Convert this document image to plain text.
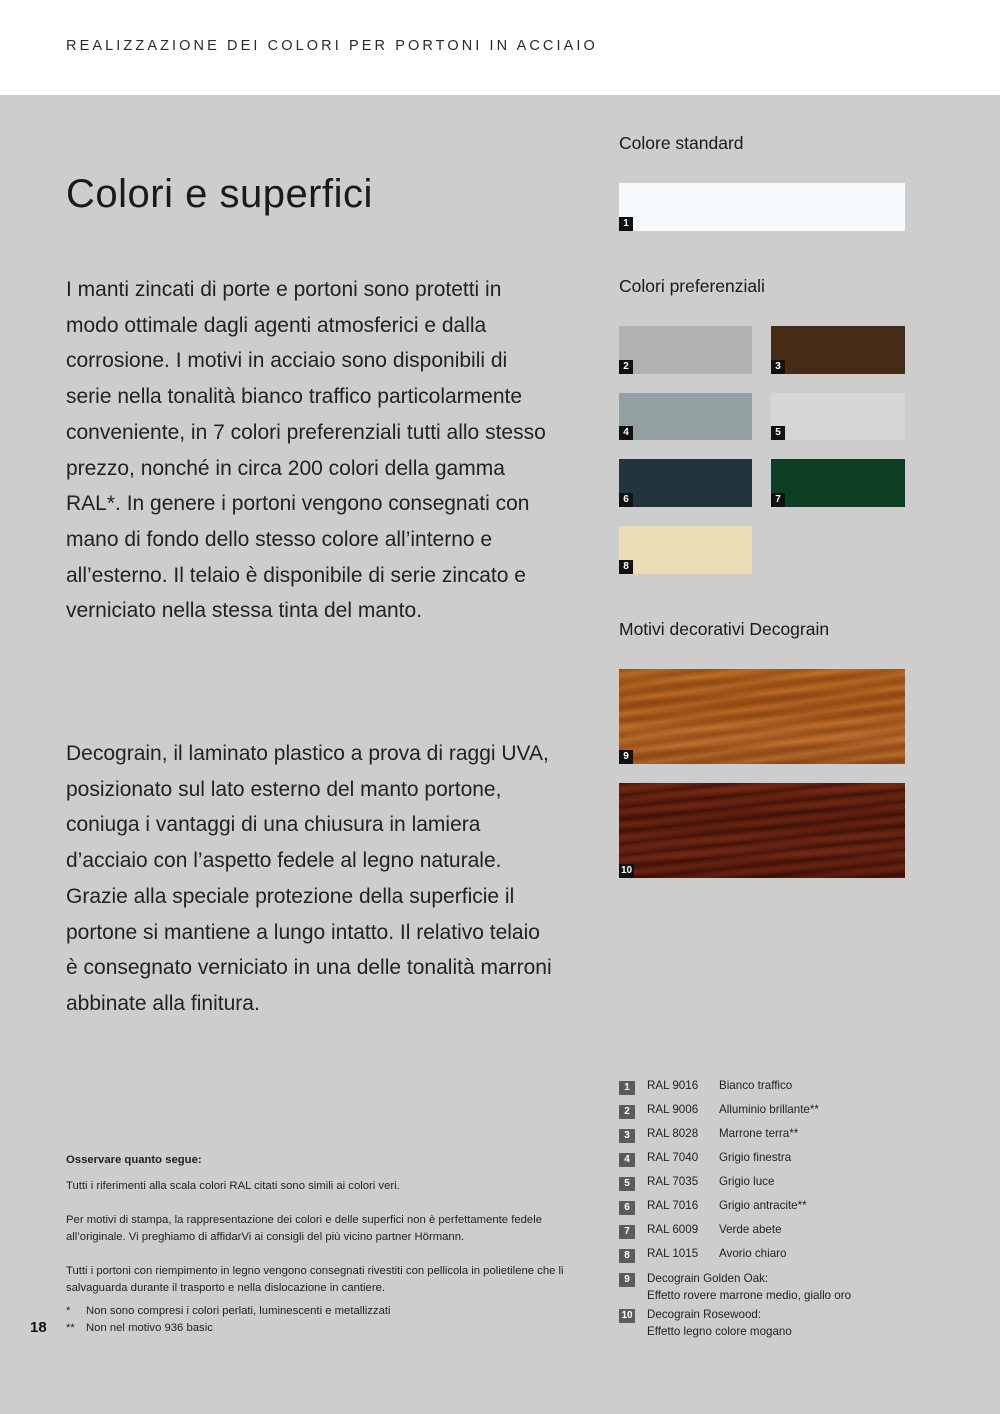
REALIZZAZIONE DEI COLORI PER PORTONI IN ACCIAIO
Colori e superfici

I manti zincati di porte e portoni sono protetti in modo ottimale dagli agenti atmosferici e dalla corrosione. I motivi in acciaio sono disponibili di serie nella tonalità bianco traffico particolarmente conveniente, in 7 colori preferenziali tutti allo stesso prezzo, nonché in circa 200 colori della gamma RAL*. In genere i portoni vengono consegnati con mano di fondo dello stesso colore all’interno e all’esterno. Il telaio è disponibile di serie zincato e verniciato nella stessa tinta del manto.

Decograin, il laminato plastico a prova di raggi UVA, posizionato sul lato esterno del manto portone, coniuga i vantaggi di una chiusura in lamiera d’acciaio con l’aspetto fedele al legno naturale. Grazie alla speciale protezione della superficie il portone si mantiene a lungo intatto. Il relativo telaio è consegnato verniciato in una delle tonalità marroni abbinate alla finitura.

Colore standard
Colori preferenziali
Motivi decorativi Decograin
1
2	3
4	5
6	7
8
9
10

Osservare quanto segue:

Tutti i riferimenti alla scala colori RAL citati sono simili ai colori veri.

Per motivi di stampa, la rappresentazione dei colori e delle superfici non è perfettamente fedele all’originale. Vi preghiamo di affidarVi ai consigli del più vicino partner Hörmann.

Tutti i portoni con riempimento in legno vengono consegnati rivestiti con pellicola in polietilene che li salvaguarda durante il trasporto e nella dislocazione in cantiere.

* Non sono compresi i colori perlati, luminescenti e metallizzati

** Non nel motivo 936 basic

18
1	RAL 9016 Bianco traffico
2	RAL 9006 Alluminio brillante**
3	RAL 8028 Marrone terra**
4	RAL 7040 Grigio finestra
5	RAL 7035 Grigio luce
6	RAL 7016 Grigio antracite**
7	RAL 6009 Verde abete
8	RAL 1015 Avorio chiaro
9	Decograin Golden Oak:
Effetto rovere marrone medio, giallo oro
10 Decograin Rosewood:
Effetto legno colore mogano
